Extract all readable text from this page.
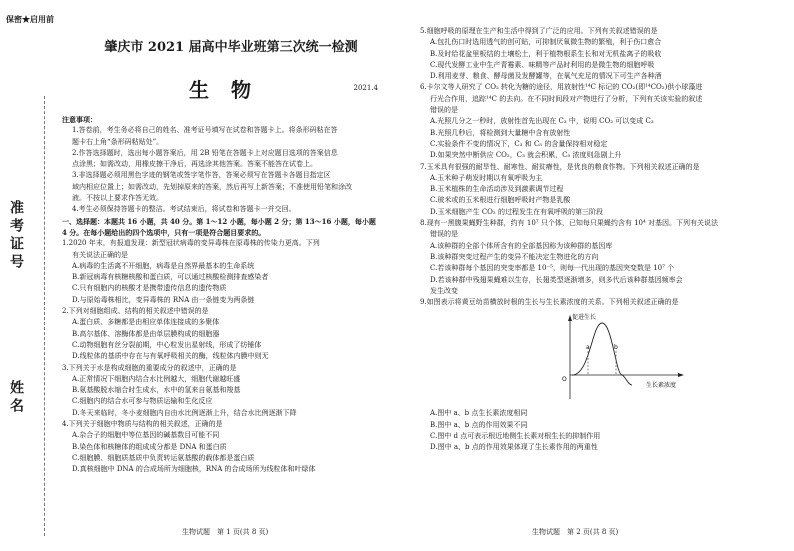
保密★启用前
准考证号
姓名
肇庆市 2021 届高中毕业班第三次统一检测
生物	2021.4

注意事项：

1.答卷前，考生务必将自己的姓名、准考证号填写在试卷和答题卡上。将条形码粘在答

题卡右上角“条形码粘贴处”。

2.作答选择题时，选出每小题答案后，用 2B 铅笔在答题卡上对应题目选项的答案信息

点涂黑；如需改动，用橡皮擦干净后，再选涂其他答案。答案不能答在试卷上。

3.非选择题必须用黑色字迹的钢笔或签字笔作答，答案必须写在答题卡各题目指定区

域内相应位置上；如需改动，先划掉原来的答案，然后再写上新答案；不准使用铅笔和涂改

液。不按以上要求作答无效。

4.考生必须保持答题卡的整洁。考试结束后，将试卷和答题卡一并交回。

一、选择题：本题共 16 小题，共 40 分。第 1～12 小题，每小题 2 分；第 13～16 小题，每小题

4 分。在每小题给出的四个选项中，只有一项是符合题目要求的。

1.2020 年末，有报道发现：新型冠状病毒的变异毒株在原毒株的传染力更高。下列

有关说法正确的是

A.病毒的生活离不开细胞，病毒是自然界最基本的生命系统

B.新冠病毒有核糖核酸和蛋白质，可以通过核酸检测排查感染者

C.只有细胞内的核酸才是携带遗传信息的遗传物质

D.与原始毒株相比，变异毒株的 RNA 由一条链变为两条链

2.下列对细胞组成、结构的相关叙述中错误的是

A.蛋白质、多糖都是由相应单体连接成的多聚体

B.高尔基体、溶酶体都是由单层膜构成的细胞器

C.动物细胞有丝分裂前期，中心粒发出星射线，形成了纺锤体

D.线粒体的基质中存在与有氧呼吸相关的酶，线粒体内膜中则无

3.下列关于水是构成细胞的重要成分的叙述中，正确的是

A.正常情况下细胞内结合水比例越大，细胞代谢越旺盛

B.氨基酸脱水缩合时生成水，水中的氢来自氨基和羧基

C.细胞内的结合水可参与物质运输和生化反应

D.冬天来临时，冬小麦细胞内自由水比例逐渐上升，结合水比例逐渐下降

4.下列关于细胞中物质与结构的相关叙述，正确的是

A.杂合子的细胞中等位基因的碱基数目可能不同

B.染色体和核糖体的组成成分都是 DNA 和蛋白质

C.细胞膜、细胞质基质中负责转运氨基酸的载体都是蛋白质

D.真核细胞中 DNA 的合成场所为细胞核，RNA 的合成场所为线粒体和叶绿体

生物试题　第 1 页(共 8 页)

5.细胞呼吸的原理在生产和生活中得到了广泛的应用。下列有关叙述错误的是

A.包扎伤口时选用透气的创可贴，可抑制厌氧微生物的繁殖，利于伤口愈合

B.及时给花盆里板结的土壤松土，利于植物根系生长和对无机盐离子的吸收

C.现代发酵工业中生产青霉素、味精等产品时利用的是微生物的细胞呼吸

D.利用麦芽、粮食、酵母菌及发酵罐等，在氧气充足的情况下可生产各种酒

6.卡尔文等人研究了 CO₂ 转化为糖的途径，用放射性¹⁴C 标记的 CO₂(即¹⁴CO₂)供小球藻进

行光合作用，追踪¹⁴C 的去向。在不同时间段对产物进行了分析，下列有关该实验的叙述

错误的是

A.光照几分之一秒时，放射性首先出现在 C₃ 中，说明 CO₂ 可以变成 C₃

B.光照几秒后，将检测到大量糖中含有放射性

C.实验条件不变的情况下，C₃ 和 C₅ 的含量保持相对稳定

D.如果突然中断供应 CO₂，C₃ 就会积累，C₅ 浓度则急剧上升

7.玉米具有很强的耐旱性、耐寒性、耐贫瘠性，是优良的粮食作物。下列相关叙述正确的是

A.玉米种子萌发时期以有氧呼吸为主

B.玉米植株的生命活动涉及到激素调节过程

C.玻米或的玉米根进行细胞呼吸时产物是乳酸

D.玉米细胞产生 CO₂ 的过程发生在有氧呼吸的第三阶段

8.现有一黑腹果蝇野生种群，约有 10⁷ 只个体，已知每只果蝇约含有 10⁴ 对基因。下列有关说法

错误的是

A.该种群的全部个体所含有的全部基因称为该种群的基因库

B.该种群突变过程产生的变异不能决定生物进化的方向

C.若该种群每个基因的突变率都是 10⁻⁵，则每一代出现的基因突变数是 10⁷ 个

D.若该种群中残翅果蝇难以生存，长翅类型逐渐增多，则多代后该种群基因频率会

发生改变

9.如图表示将黄豆幼苗横放时根的生长与生长素浓度的关系。下列相关叙述正确的是

促进生长
生长素浓度
O
a	b

A.图中 a、b 点生长素浓度相同

B.图中 a、b 点的作用效果不同

C.图中 d 点可表示根近地侧生长素对根生长的抑制作用

D.图中 a、b 点的作用效果体现了生长素作用的两重性

生物试题　第 2 页(共 8 页)
